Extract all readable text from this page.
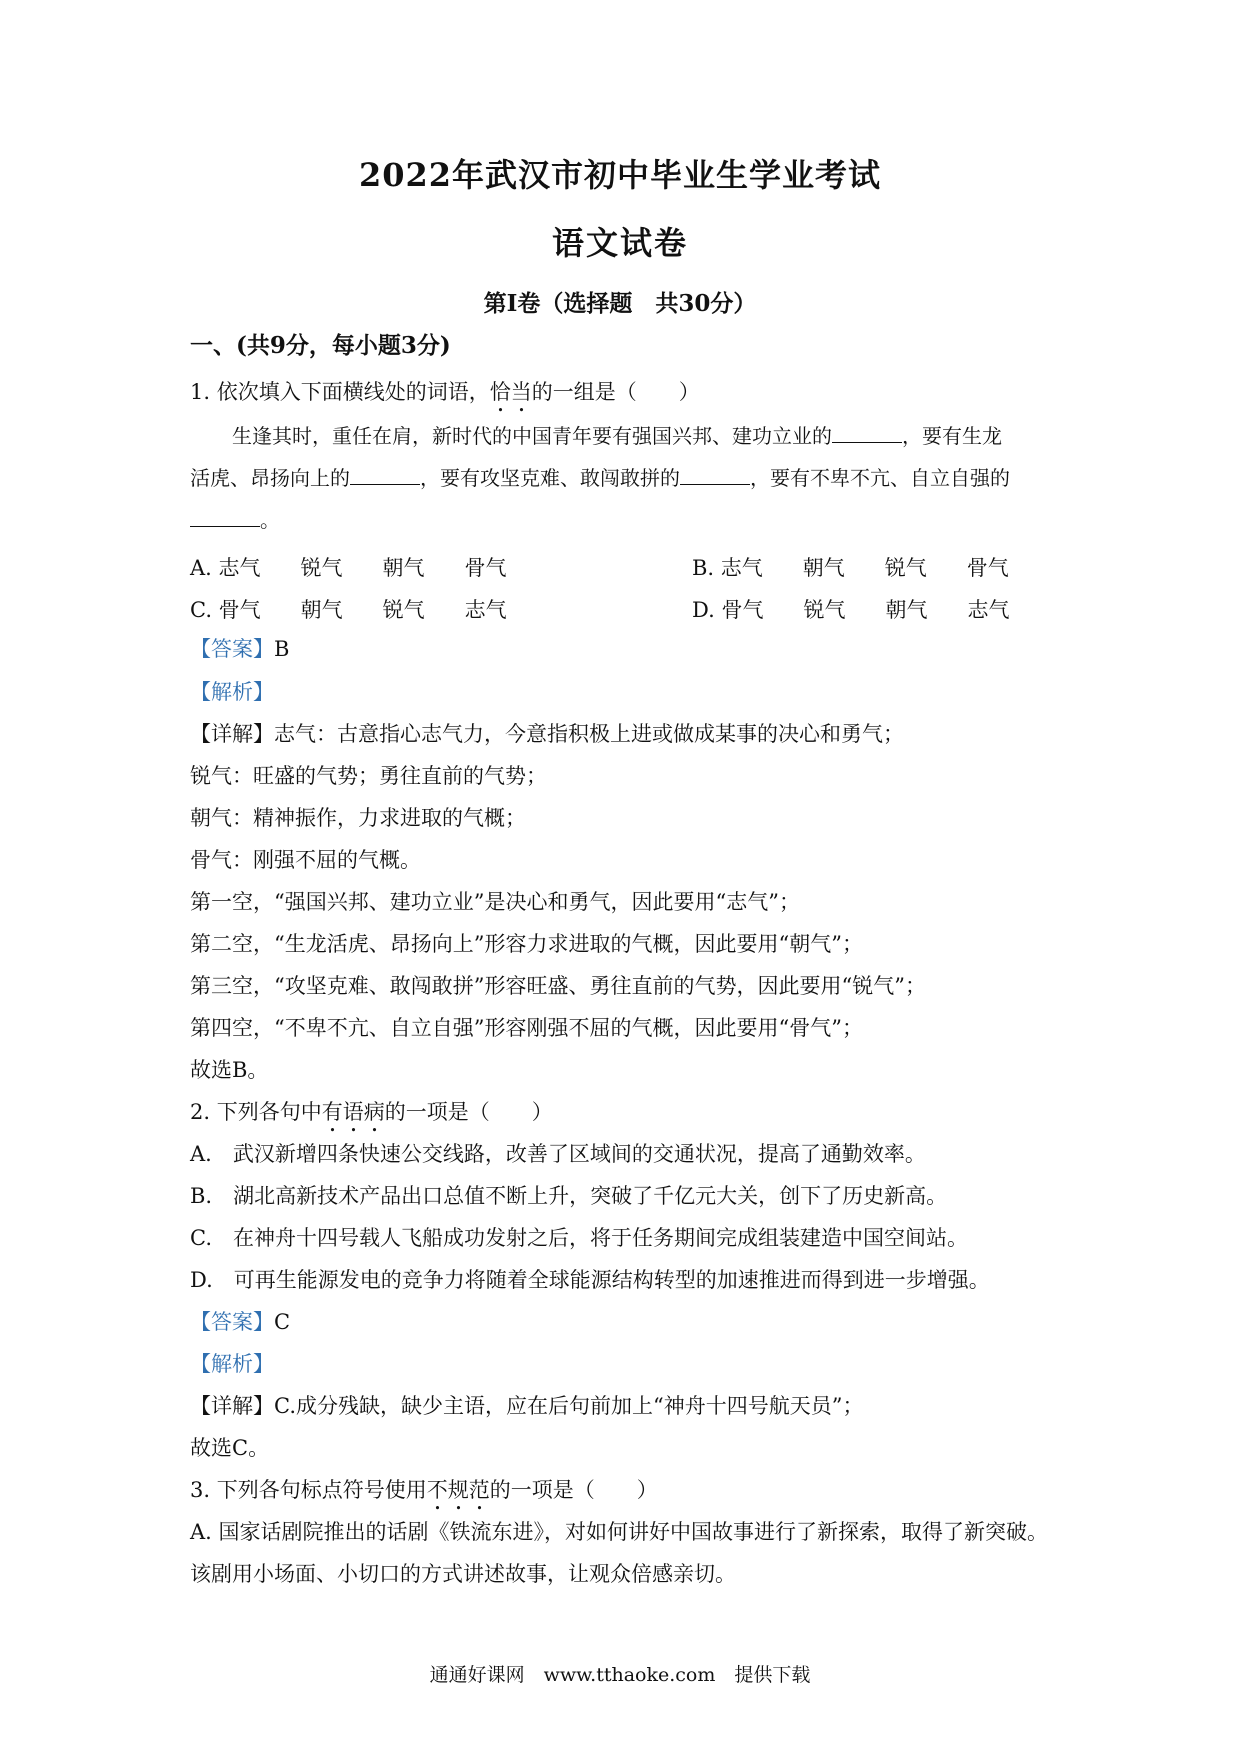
2022年武汉市初中毕业生学业考试
语文试卷
第Ⅰ卷（选择题　共30分）
一、(共9分，每小题3分)
1. 依次填入下面横线处的词语，恰当的一组是（　　）
生逢其时，重任在肩，新时代的中国青年要有强国兴邦、建功立业的	，要有生龙
活虎、昂扬向上的	，要有攻坚克难、敢闯敢拼的	，要有不卑不亢、自立自强的
。
A. 志气 锐气 朝气 骨气	B. 志气 朝气 锐气 骨气
C. 骨气 朝气 锐气 志气	D. 骨气 锐气 朝气 志气
【答案】B
【解析】
【详解】志气：古意指心志气力，今意指积极上进或做成某事的决心和勇气；
锐气：旺盛的气势；勇往直前的气势；
朝气：精神振作，力求进取的气概；
骨气：刚强不屈的气概。
第一空，“强国兴邦、建功立业”是决心和勇气，因此要用“志气”；
第二空，“生龙活虎、昂扬向上”形容力求进取的气概，因此要用“朝气”；
第三空，“攻坚克难、敢闯敢拼”形容旺盛、勇往直前的气势，因此要用“锐气”；
第四空，“不卑不亢、自立自强”形容刚强不屈的气概，因此要用“骨气”；
故选B。
2. 下列各句中有语病的一项是（　　）
A.　武汉新增四条快速公交线路，改善了区域间的交通状况，提高了通勤效率。
B.　湖北高新技术产品出口总值不断上升，突破了千亿元大关，创下了历史新高。
C.　在神舟十四号载人飞船成功发射之后，将于任务期间完成组装建造中国空间站。
D.　可再生能源发电的竞争力将随着全球能源结构转型的加速推进而得到进一步增强。
【答案】C
【解析】
【详解】C.成分残缺，缺少主语，应在后句前加上“神舟十四号航天员”；
故选C。
3. 下列各句标点符号使用不规范的一项是（　　）
A. 国家话剧院推出的话剧《铁流东进》，对如何讲好中国故事进行了新探索，取得了新突破。
该剧用小场面、小切口的方式讲述故事，让观众倍感亲切。
通通好课网　www.tthaoke.com　提供下载
